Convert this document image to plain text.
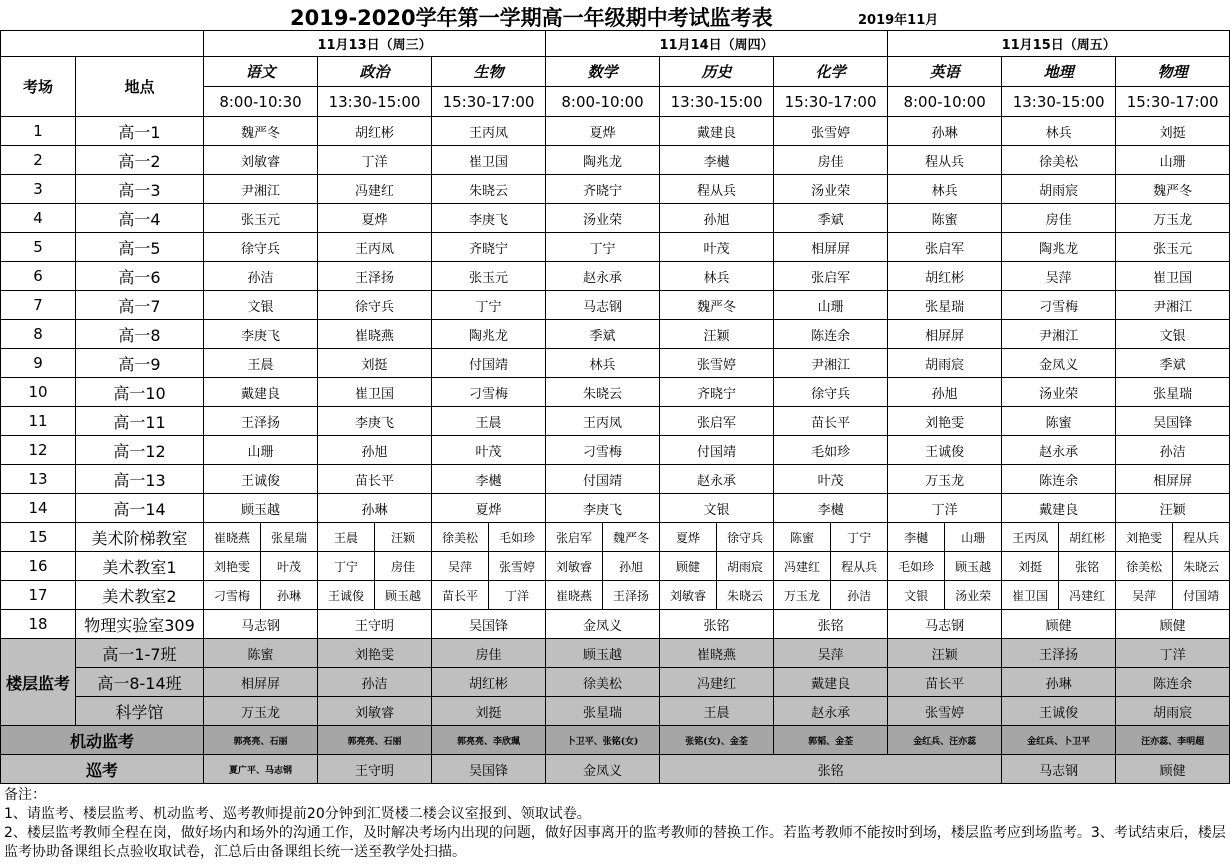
2019-2020学年第一学期高一年级期中考试监考表	2019年11月
		11月13日（周三）						11月14日（周四）						11月15日（周五）					
考场	地点	语文		政治		生物		数学		历史		化学		英语		地理		物理	
		8:00-10:30		13:30-15:00		15:30-17:00		8:00-10:00		13:30-15:00		15:30-17:00		8:00-10:00		13:30-15:00		15:30-17:00	
1	高一1	魏严冬		胡红彬		王丙凤		夏烨		戴建良		张雪婷		孙琳		林兵		刘挺	
2	高一2	刘敏睿		丁洋		崔卫国		陶兆龙		李樾		房佳		程从兵		徐美松		山珊	
3	高一3	尹湘江		冯建红		朱晓云		齐晓宁		程从兵		汤业荣		林兵		胡雨宸		魏严冬	
4	高一4	张玉元		夏烨		李庚飞		汤业荣		孙旭		季斌		陈蜜		房佳		万玉龙	
5	高一5	徐守兵		王丙凤		齐晓宁		丁宁		叶茂		相屏屏		张启军		陶兆龙		张玉元	
6	高一6	孙洁		王泽扬		张玉元		赵永承		林兵		张启军		胡红彬		吴萍		崔卫国	
7	高一7	文银		徐守兵		丁宁		马志钢		魏严冬		山珊		张星瑞		刁雪梅		尹湘江	
8	高一8	李庚飞		崔晓燕		陶兆龙		季斌		汪颖		陈连余		相屏屏		尹湘江		文银	
9	高一9	王晨		刘挺		付国靖		林兵		张雪婷		尹湘江		胡雨宸		金凤义		季斌	
10	高一10	戴建良		崔卫国		刁雪梅		朱晓云		齐晓宁		徐守兵		孙旭		汤业荣		张星瑞	
11	高一11	王泽扬		李庚飞		王晨		王丙凤		张启军		苗长平		刘艳雯		陈蜜		吴国锋	
12	高一12	山珊		孙旭		叶茂		刁雪梅		付国靖		毛如珍		王诚俊		赵永承		孙洁	
13	高一13	王诚俊		苗长平		李樾		付国靖		赵永承		叶茂		万玉龙		陈连余		相屏屏	
14	高一14	顾玉越		孙琳		夏烨		李庚飞		文银		李樾		丁洋		戴建良		汪颖	
15	美术阶梯教室	崔晓燕	张星瑞	王晨	汪颖	徐美松	毛如珍	张启军	魏严冬	夏烨	徐守兵	陈蜜	丁宁	李樾	山珊	王丙凤	胡红彬	刘艳雯	程从兵
16	美术教室1	刘艳雯	叶茂	丁宁	房佳	吴萍	张雪婷	刘敏睿	孙旭	顾健	胡雨宸	冯建红	程从兵	毛如珍	顾玉越	刘挺	张铭	徐美松	朱晓云
17	美术教室2	刁雪梅	孙琳	王诚俊	顾玉越	苗长平	丁洋	崔晓燕	王泽扬	刘敏睿	朱晓云	万玉龙	孙洁	文银	汤业荣	崔卫国	冯建红	吴萍	付国靖
18	物理实验室309	马志钢		王守明		吴国锋		金凤义		张铭		张铭		马志钢		顾健		顾健	
楼层监考	高一1-7班	陈蜜		刘艳雯		房佳		顾玉越		崔晓燕		吴萍		汪颖		王泽扬		丁洋	
	高一8-14班	相屏屏		孙洁		胡红彬		徐美松		冯建红		戴建良		苗长平		孙琳		陈连余	
	科学馆	万玉龙		刘敏睿		刘挺		张星瑞		王晨		赵永承		张雪婷		王诚俊		胡雨宸	
机动监考		郭亮亮、石丽		郭亮亮、石丽		郭亮亮、李欣珮		卜卫平、张铭(女)		张铭(女)、金荃		郭韬、金荃		金红兵、汪亦蕊		金红兵、卜卫平		汪亦蕊、李明超	
巡考		夏广平、马志钢		王守明		吴国锋		金凤义		张铭						马志钢		顾健	
备注：
1、请监考、楼层监考、机动监考、巡考教师提前20分钟到汇贤楼二楼会议室报到、领取试卷。
2、楼层监考教师全程在岗，做好场内和场外的沟通工作，及时解决考场内出现的问题，做好因事离开的监考教师的替换工作。若监考教师不能按时到场，楼层监考应到场监考。3、考试结束后，楼层监考协助备课组长点验收取试卷，汇总后由备课组长统一送至教学处扫描。
